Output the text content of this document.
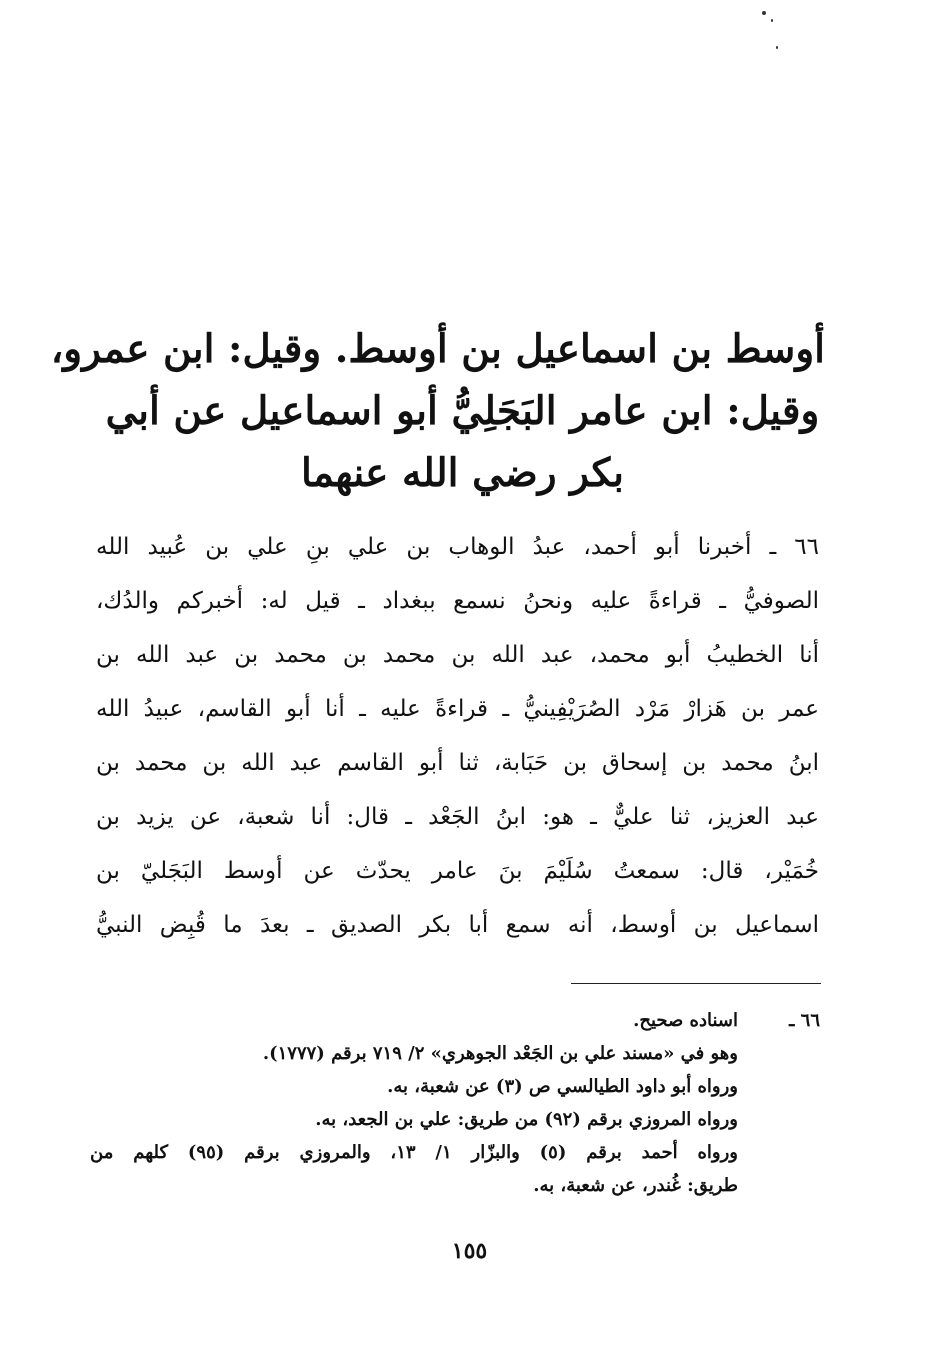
أوسط بن اسماعيل بن أوسط. وقيل: ابن عمرو،
وقيل: ابن عامر البَجَلِيُّ أبو اسماعيل عن أبي
بكر رضي الله عنهما
٦٦ ـ أخبرنا أبو أحمد، عبدُ الوهاب بن علي بنِ علي بن عُبيد الله
الصوفيُّ ـ قراءةً عليه ونحنُ نسمع ببغداد ـ قيل له: أخبركم والدُك،
أنا الخطيبُ أبو محمد، عبد الله بن محمد بن محمد بن عبد الله بن
عمر بن هَزارْ مَرْد الصُرَيْفِينيُّ ـ قراءةً عليه ـ أنا أبو القاسم، عبيدُ الله
ابنُ محمد بن إسحاق بن حَبَابة، ثنا أبو القاسم عبد الله بن محمد بن
عبد العزيز، ثنا عليٌّ ـ هو: ابنُ الجَعْد ـ قال: أنا شعبة، عن يزيد بن
خُمَيْر، قال: سمعتُ سُلَيْمَ بنَ عامر يحدّث عن أوسط البَجَليّ بن
اسماعيل بن أوسط، أنه سمع أبا بكر الصديق ـ بعدَ ما قُبِض النبيُّ
٦٦ ـ
اسناده صحيح.
وهو في «مسند علي بن الجَعْد الجوهري» ٢/ ٧١٩ برقم (١٧٧٧).
ورواه أبو داود الطيالسي ص (٣) عن شعبة، به.
ورواه المروزي برقم (٩٢) من طريق: علي بن الجعد، به.
ورواه أحمد برقم (٥) والبزّار ١/ ١٣، والمروزي برقم (٩٥) كلهم من
طريق: غُندر، عن شعبة، به.
١٥٥
